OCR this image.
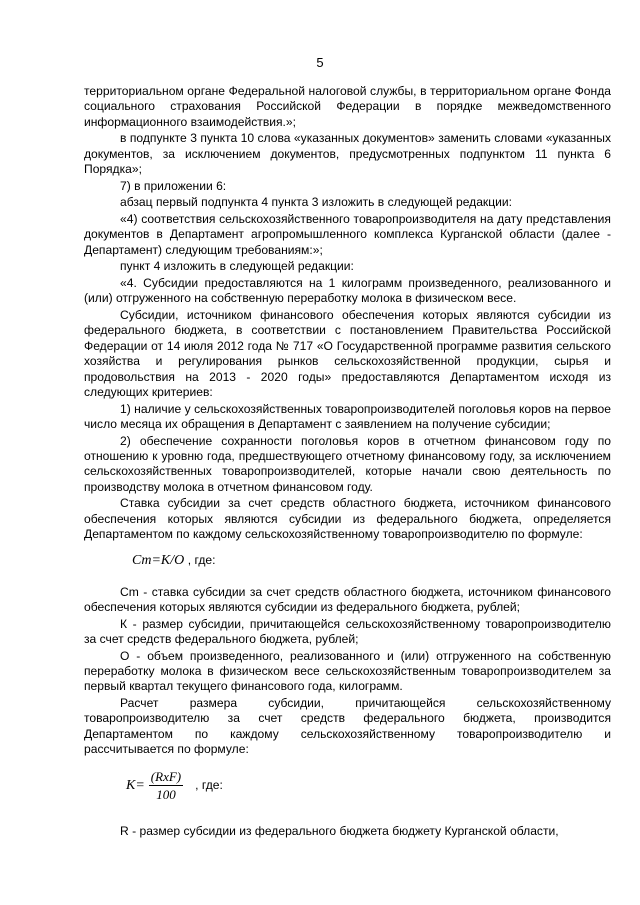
5

территориальном органе Федеральной налоговой службы, в территориальном органе Фонда социального страхования Российской Федерации в порядке межведомственного информационного взаимодействия.»;

в подпункте 3 пункта 10 слова «указанных документов» заменить словами «указанных документов, за исключением документов, предусмотренных подпунктом 11 пункта 6 Порядка»;

7) в приложении 6:

абзац первый подпункта 4 пункта 3 изложить в следующей редакции:

«4) соответствия сельскохозяйственного товаропроизводителя на дату представления документов в Департамент агропромышленного комплекса Курганской области (далее - Департамент) следующим требованиям:»;

пункт 4 изложить в следующей редакции:

«4. Субсидии предоставляются на 1 килограмм произведенного, реализованного и (или) отгруженного на собственную переработку молока в физическом весе.

Субсидии, источником финансового обеспечения которых являются субсидии из федерального бюджета, в соответствии с постановлением Правительства Российской Федерации от 14 июля 2012 года № 717 «О Государственной программе развития сельского хозяйства и регулирования рынков сельскохозяйственной продукции, сырья и продовольствия на 2013 - 2020 годы» предоставляются Департаментом исходя из следующих критериев:

1) наличие у сельскохозяйственных товаропроизводителей поголовья коров на первое число месяца их обращения в Департамент с заявлением на получение субсидии;

2) обеспечение сохранности поголовья коров в отчетном финансовом году по отношению к уровню года, предшествующего отчетному финансовому году, за исключением сельскохозяйственных товаропроизводителей, которые начали свою деятельность по производству молока в отчетном финансовом году.

Ставка субсидии за счет средств областного бюджета, источником финансового обеспечения которых являются субсидии из федерального бюджета, определяется Департаментом по каждому сельскохозяйственному товаропроизводителю по формуле:

Cm=K/O , где:

Cm - ставка субсидии за счет средств областного бюджета, источником финансового обеспечения которых являются субсидии из федерального бюджета, рублей;

К - размер субсидии, причитающейся сельскохозяйственному товаропроизводителю за счет средств федерального бюджета, рублей;

О - объем произведенного, реализованного и (или) отгруженного на собственную переработку молока в физическом весе сельскохозяйственным товаропроизводителем за первый квартал текущего финансового года, килограмм.

Расчет размера субсидии, причитающейся сельскохозяйственному товаропроизводителю за счет средств федерального бюджета, производится Департаментом по каждому сельскохозяйственному товаропроизводителю и рассчитывается по формуле:

$K= \frac{\text{(RxF)}}{100}$ , где:

R - размер субсидии из федерального бюджета бюджету Курганской области,
